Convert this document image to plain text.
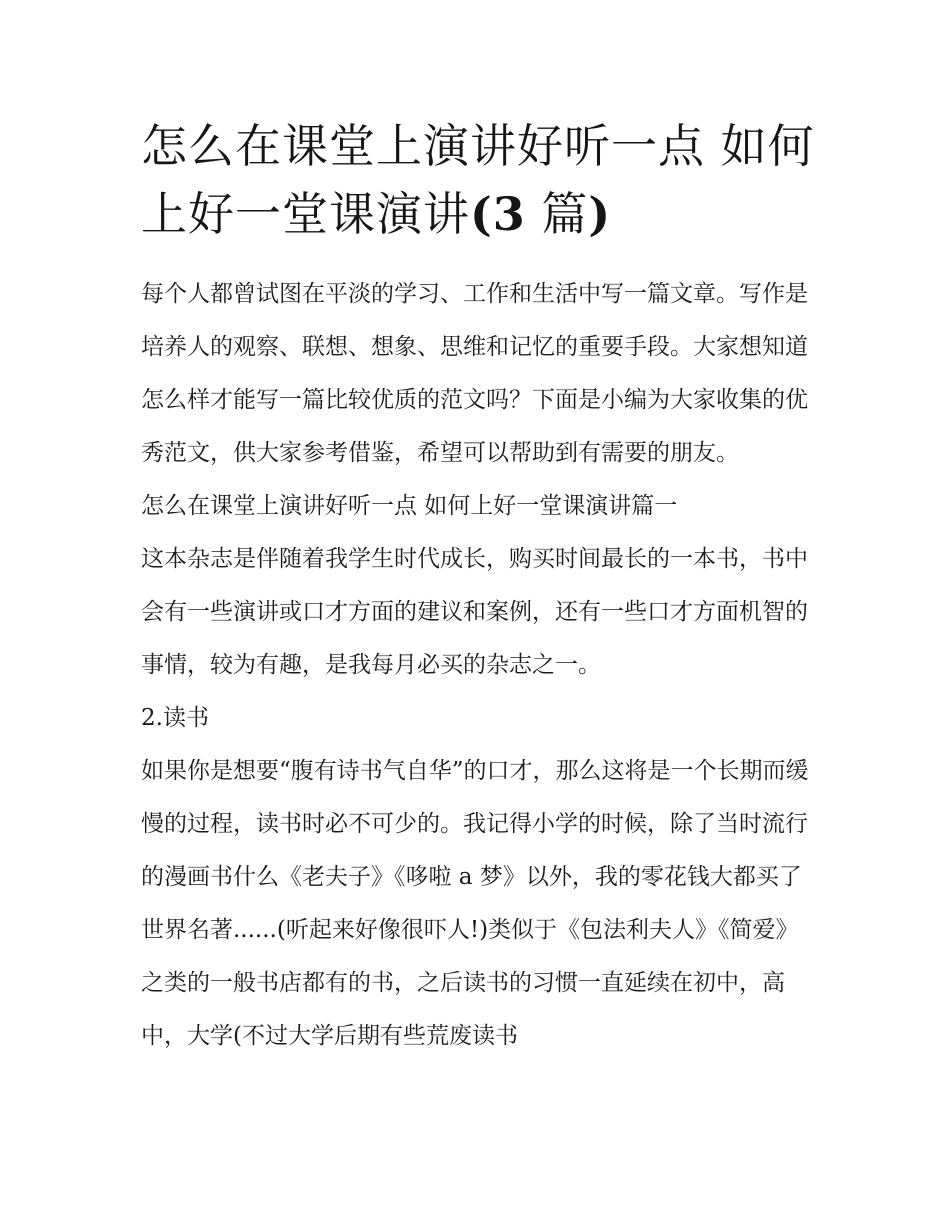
怎么在课堂上演讲好听一点 如何上好一堂课演讲(3 篇)

每个人都曾试图在平淡的学习、工作和生活中写一篇文章。写作是培养人的观察、联想、想象、思维和记忆的重要手段。大家想知道怎么样才能写一篇比较优质的范文吗？下面是小编为大家收集的优秀范文，供大家参考借鉴，希望可以帮助到有需要的朋友。

怎么在课堂上演讲好听一点 如何上好一堂课演讲篇一

这本杂志是伴随着我学生时代成长，购买时间最长的一本书，书中会有一些演讲或口才方面的建议和案例，还有一些口才方面机智的事情，较为有趣，是我每月必买的杂志之一。

2.读书

如果你是想要“腹有诗书气自华”的口才，那么这将是一个长期而缓慢的过程，读书时必不可少的。我记得小学的时候，除了当时流行的漫画书什么《老夫子》《哆啦 a 梦》以外，我的零花钱大都买了世界名著......(听起来好像很吓人!)类似于《包法利夫人》《简爱》之类的一般书店都有的书，之后读书的习惯一直延续在初中，高中，大学(不过大学后期有些荒废读书
